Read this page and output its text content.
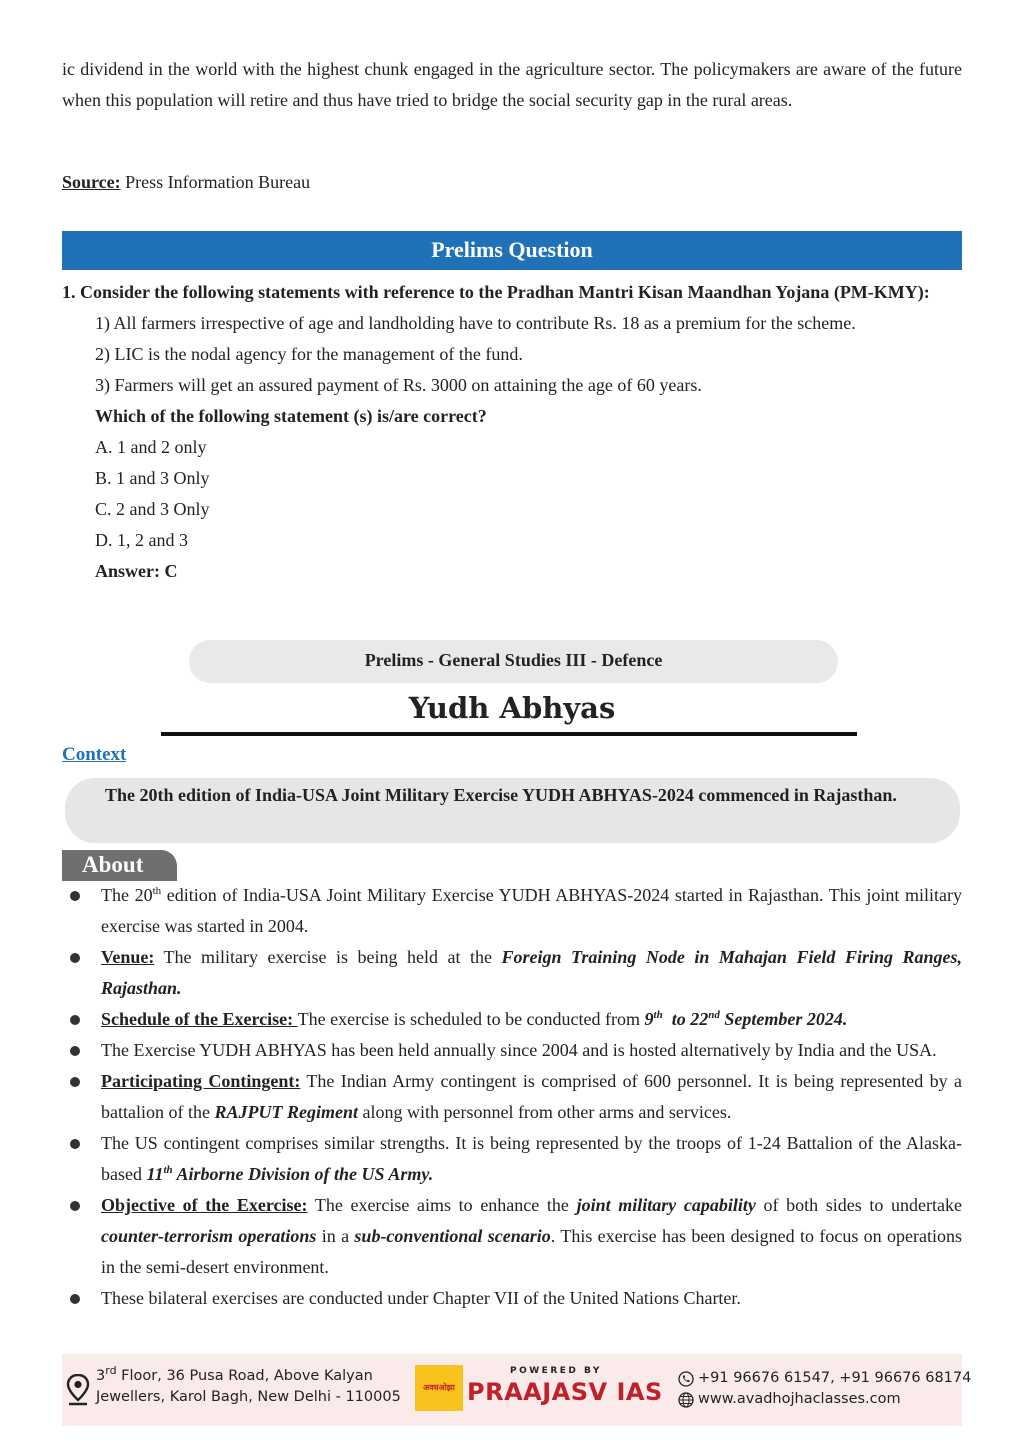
ic dividend in the world with the highest chunk engaged in the agriculture sector. The policymakers are aware of the future when this population will retire and thus have tried to bridge the social security gap in the rural areas.

Source: Press Information Bureau
Prelims Question
1. Consider the following statements with reference to the Pradhan Mantri Kisan Maandhan Yojana (PM-KMY):
1) All farmers irrespective of age and landholding have to contribute Rs. 18 as a premium for the scheme.
2) LIC is the nodal agency for the management of the fund.
3) Farmers will get an assured payment of Rs. 3000 on attaining the age of 60 years.
Which of the following statement (s) is/are correct?
A. 1 and 2 only
B. 1 and 3 Only
C. 2 and 3 Only
D. 1, 2 and 3
Answer: C
Prelims - General Studies III - Defence
Yudh Abhyas
Context
The 20th edition of India-USA Joint Military Exercise YUDH ABHYAS-2024 commenced in Rajasthan.
About
The 20th edition of India-USA Joint Military Exercise YUDH ABHYAS-2024 started in Rajasthan. This joint military exercise was started in 2004.
Venue: The military exercise is being held at the Foreign Training Node in Mahajan Field Firing Ranges, Rajasthan.
Schedule of the Exercise: The exercise is scheduled to be conducted from 9th  to 22nd September 2024.
The Exercise YUDH ABHYAS has been held annually since 2004 and is hosted alternatively by India and the USA.
Participating Contingent: The Indian Army contingent is comprised of 600 personnel. It is being represented by a battalion of the RAJPUT Regiment along with personnel from other arms and services.
The US contingent comprises similar strengths. It is being represented by the troops of 1-24 Battalion of the Alaska-based 11th Airborne Division of the US Army.
Objective of the Exercise: The exercise aims to enhance the joint military capability of both sides to undertake counter-terrorism operations in a sub-conventional scenario. This exercise has been designed to focus on operations in the semi-desert environment.
These bilateral exercises are conducted under Chapter VII of the United Nations Charter.
3rd Floor, 36 Pusa Road, Above Kalyan
Jewellers, Karol Bagh, New Delhi - 110005
अवधओझा
POWERED BY
PRAAJASV IAS	+91 96676 61547, +91 96676 68174
www.avadhojhaclasses.com
